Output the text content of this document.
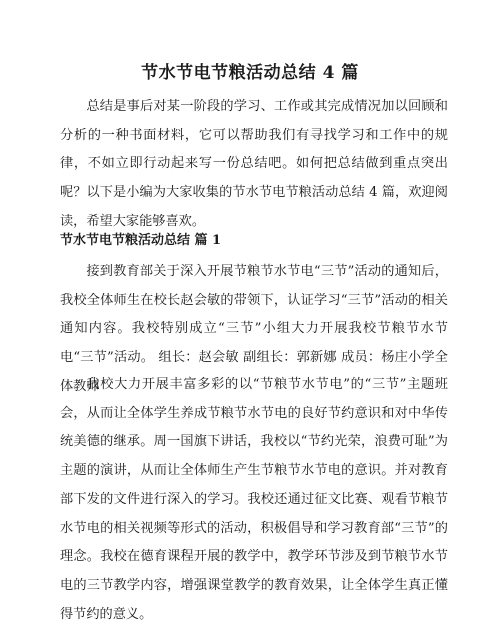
节水节电节粮活动总结 4 篇

总结是事后对某一阶段的学习、工作或其完成情况加以回顾和分析的一种书面材料，它可以帮助我们有寻找学习和工作中的规律，不如立即行动起来写一份总结吧。如何把总结做到重点突出呢？以下是小编为大家收集的节水节电节粮活动总结 4 篇，欢迎阅读，希望大家能够喜欢。

节水节电节粮活动总结 篇 1

接到教育部关于深入开展节粮节水节电“三节”活动的通知后，我校全体师生在校长赵会敏的带领下，认证学习“三节”活动的相关通知内容。我校特别成立“三节”小组大力开展我校节粮节水节电“三节”活动。 组长：赵会敏 副组长：郭新娜 成员：杨庄小学全体教师

我校大力开展丰富多彩的以“节粮节水节电”的“三节”主题班会，从而让全体学生养成节粮节水节电的良好节约意识和对中华传统美德的继承。周一国旗下讲话，我校以“节约光荣，浪费可耻”为主题的演讲，从而让全体师生产生节粮节水节电的意识。并对教育部下发的文件进行深入的学习。我校还通过征文比赛、观看节粮节水节电的相关视频等形式的活动，积极倡导和学习教育部“三节”的理念。我校在德育课程开展的教学中，教学环节涉及到节粮节水节电的三节教学内容，增强课堂教学的教育效果，让全体学生真正懂得节约的意义。
